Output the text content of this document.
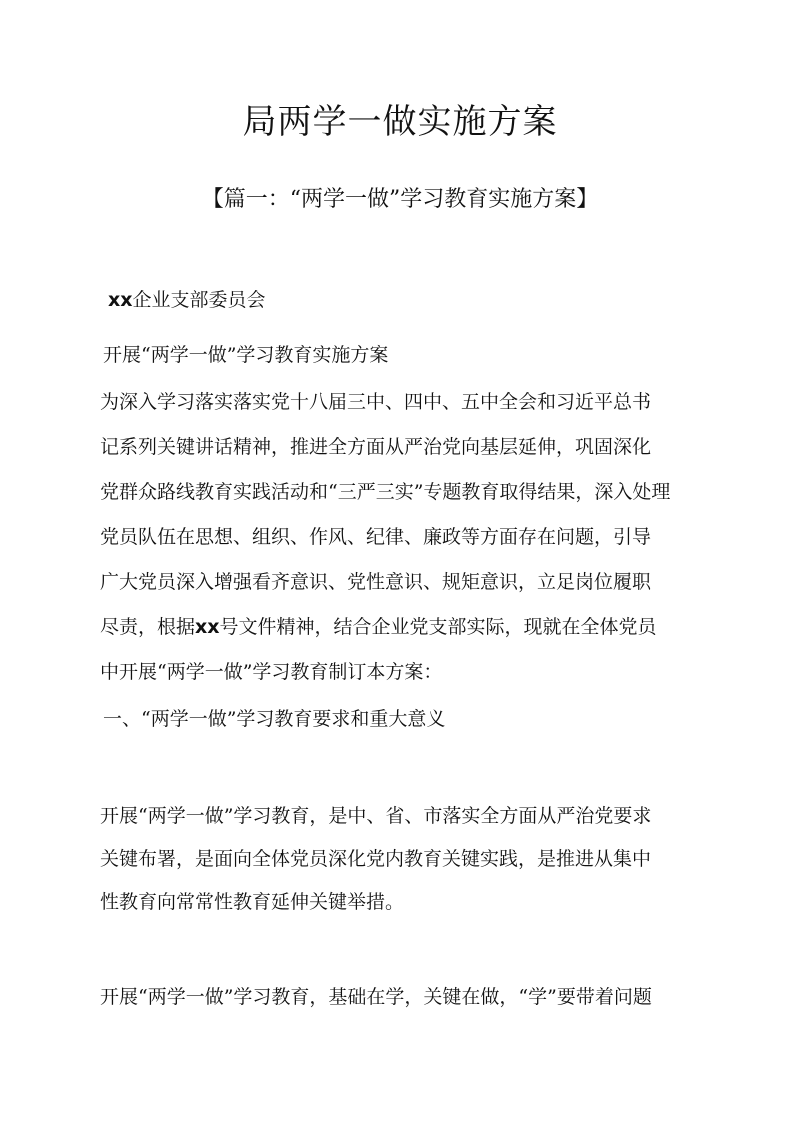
局两学一做实施方案
【篇一：“两学一做”学习教育实施方案】
xx企业支部委员会
开展“两学一做”学习教育实施方案
为深入学习落实落实党十八届三中、四中、五中全会和习近平总书
记系列关键讲话精神，推进全方面从严治党向基层延伸，巩固深化
党群众路线教育实践活动和“三严三实”专题教育取得结果，深入处理
党员队伍在思想、组织、作风、纪律、廉政等方面存在问题，引导
广大党员深入增强看齐意识、党性意识、规矩意识，立足岗位履职
尽责，根据xx号文件精神，结合企业党支部实际，现就在全体党员
中开展“两学一做”学习教育制订本方案：
一、“两学一做”学习教育要求和重大意义
开展“两学一做”学习教育，是中、省、市落实全方面从严治党要求
关键布署，是面向全体党员深化党内教育关键实践，是推进从集中
性教育向常常性教育延伸关键举措。
开展“两学一做”学习教育，基础在学，关键在做，“学”要带着问题
